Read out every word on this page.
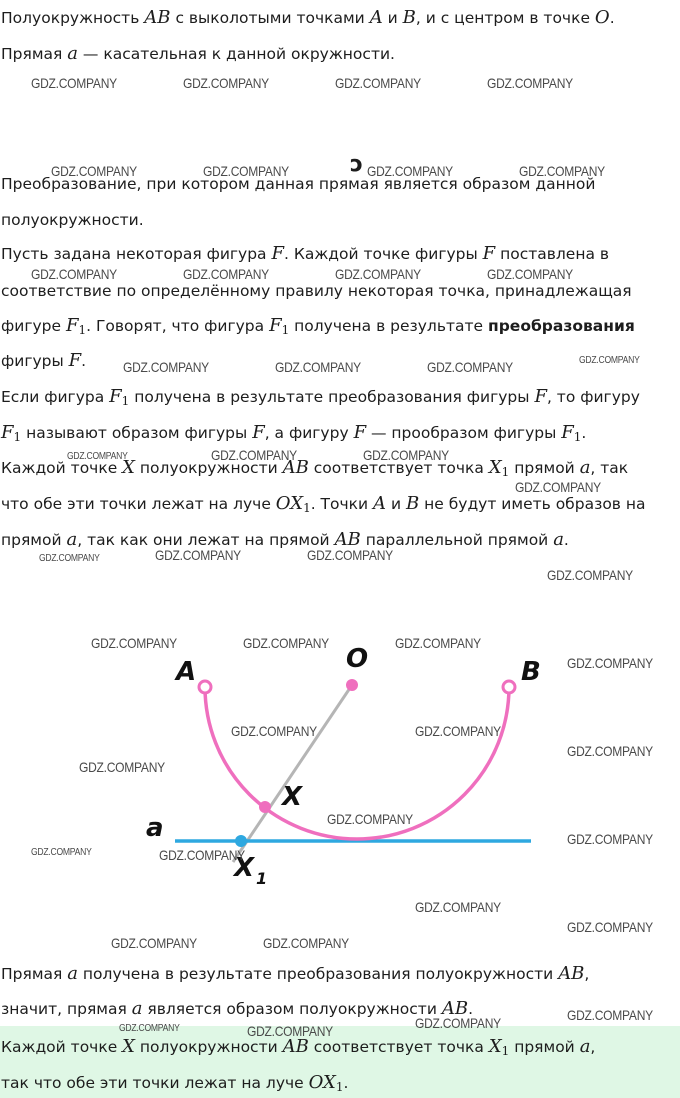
Полуокружность AB с выколотыми точками A и B, и с центром в точке O.
Прямая a — касательная к данной окружности.
ͻ
Преобразование, при котором данная прямая является образом данной
полуокружности.
Пусть задана некоторая фигура F. Каждой точке фигуры F поставлена в
соответствие по определённому правилу некоторая точка, принадлежащая
фигуре $F_1$. Говорят, что фигура $F_1$ получена в результате преобразования
фигуры F.
Если фигура $F_1$ получена в результате преобразования фигуры F, то фигуру
$F_1$ называют образом фигуры F, а фигуру F — прообразом фигуры $F_1$.
Каждой точке X полуокружности AB соответствует точка $X_1$ прямой a, так
что обе эти точки лежат на луче $OX_1$. Точки A и B не будут иметь образов на
прямой a, так как они лежат на прямой AB параллельной прямой a.
A	B
O
X
X 1
a
Прямая a получена в результате преобразования полуокружности AB,
значит, прямая a является образом полуокружности AB.
Каждой точке X полуокружности AB соответствует точка $X_1$ прямой a,
так что обе эти точки лежат на луче $OX_1$.
GDZ.COMPANY	GDZ.COMPANY	GDZ.COMPANY	GDZ.COMPANY
GDZ.COMPANY	GDZ.COMPANY	GDZ.COMPANY	GDZ.COMPANY
GDZ.COMPANY	GDZ.COMPANY	GDZ.COMPANY	GDZ.COMPANY
GDZ.COMPANY	GDZ.COMPANY	GDZ.COMPANY	GDZ.COMPANY
GDZ.COMPANY	GDZ.COMPANY	GDZ.COMPANY
GDZ.COMPANY
GDZ.COMPANY	GDZ.COMPANY	GDZ.COMPANY
GDZ.COMPANY
GDZ.COMPANY	GDZ.COMPANY	GDZ.COMPANY
GDZ.COMPANY
GDZ.COMPANY	GDZ.COMPANY
GDZ.COMPANY
GDZ.COMPANY
GDZ.COMPANY
GDZ.COMPANY
GDZ.COMPANY	GDZ.COMPANY
GDZ.COMPANY
GDZ.COMPANY
GDZ.COMPANY	GDZ.COMPANY
GDZ.COMPANY
GDZ.COMPANY
GDZ.COMPANY	GDZ.COMPANY
